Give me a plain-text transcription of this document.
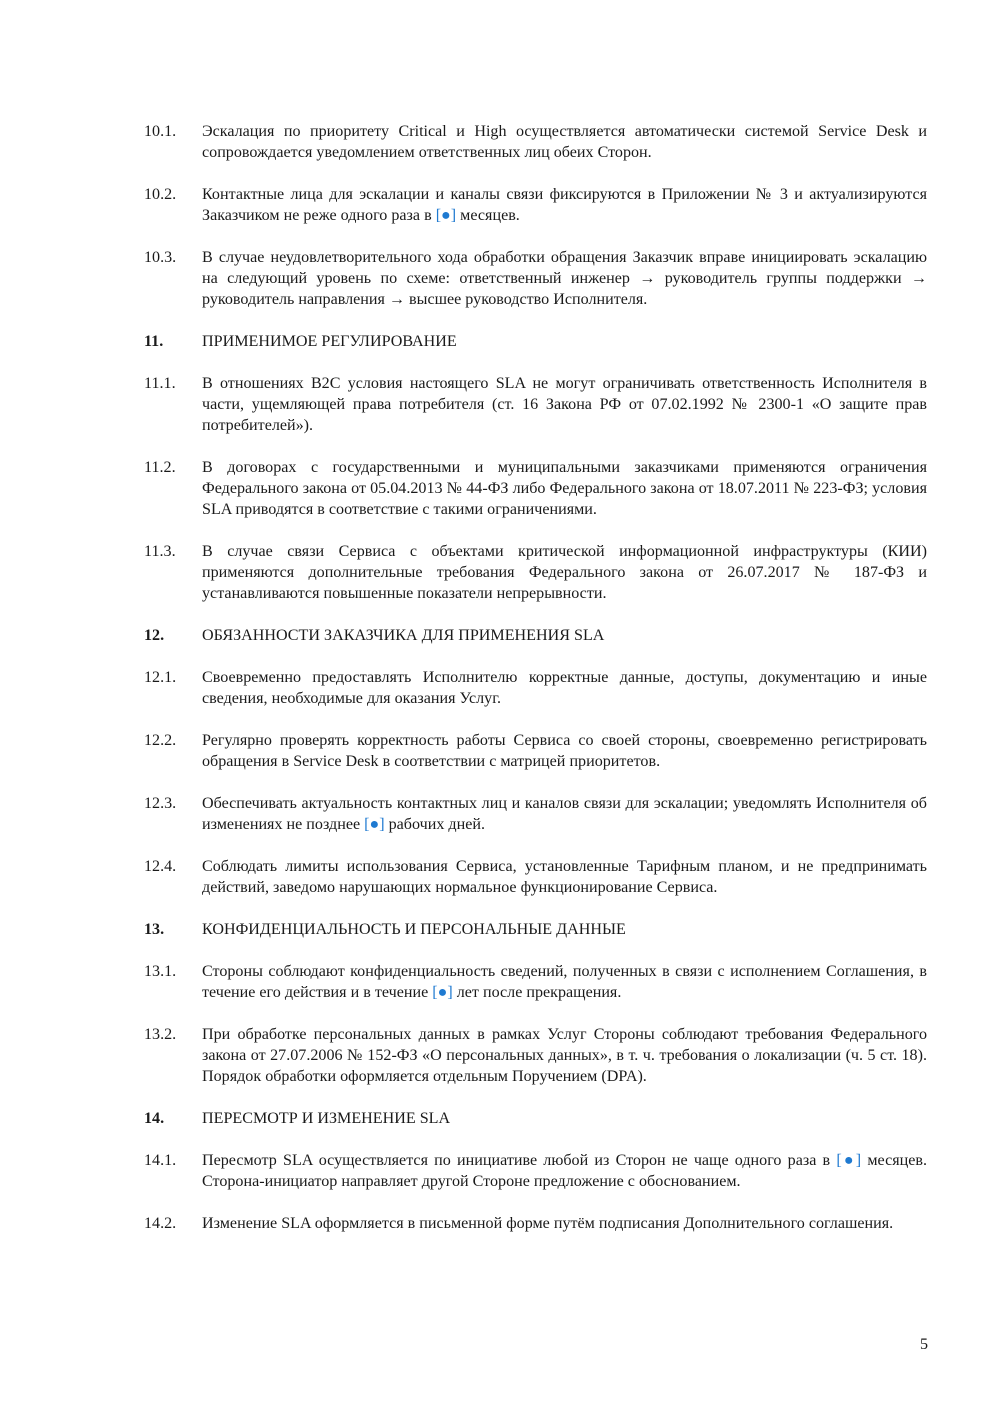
10.1.	Эскалация по приоритету Critical и High осуществляется автоматически системой Service Desk и сопровождается уведомлением ответственных лиц обеих Сторон.
10.2.	Контактные лица для эскалации и каналы связи фиксируются в Приложении № 3 и актуализируются Заказчиком не реже одного раза в [●] месяцев.
10.3.	В случае неудовлетворительного хода обработки обращения Заказчик вправе инициировать эскалацию на следующий уровень по схеме: ответственный инженер → руководитель группы поддержки → руководитель направления → высшее руководство Исполнителя.
11.	ПРИМЕНИМОЕ РЕГУЛИРОВАНИЕ
11.1.	В отношениях B2C условия настоящего SLA не могут ограничивать ответственность Исполнителя в части, ущемляющей права потребителя (ст. 16 Закона РФ от 07.02.1992 № 2300-1 «О защите прав потребителей»).
11.2.	В договорах с государственными и муниципальными заказчиками применяются ограничения Федерального закона от 05.04.2013 № 44-ФЗ либо Федерального закона от 18.07.2011 № 223-ФЗ; условия SLA приводятся в соответствие с такими ограничениями.
11.3.	В случае связи Сервиса с объектами критической информационной инфраструктуры (КИИ) применяются дополнительные требования Федерального закона от 26.07.2017 № 187-ФЗ и устанавливаются повышенные показатели непрерывности.
12.	ОБЯЗАННОСТИ ЗАКАЗЧИКА ДЛЯ ПРИМЕНЕНИЯ SLA
12.1.	Своевременно предоставлять Исполнителю корректные данные, доступы, документацию и иные сведения, необходимые для оказания Услуг.
12.2.	Регулярно проверять корректность работы Сервиса со своей стороны, своевременно регистрировать обращения в Service Desk в соответствии с матрицей приоритетов.
12.3.	Обеспечивать актуальность контактных лиц и каналов связи для эскалации; уведомлять Исполнителя об изменениях не позднее [●] рабочих дней.
12.4.	Соблюдать лимиты использования Сервиса, установленные Тарифным планом, и не предпринимать действий, заведомо нарушающих нормальное функционирование Сервиса.
13.	КОНФИДЕНЦИАЛЬНОСТЬ И ПЕРСОНАЛЬНЫЕ ДАННЫЕ
13.1.	Стороны соблюдают конфиденциальность сведений, полученных в связи с исполнением Соглашения, в течение его действия и в течение [●] лет после прекращения.
13.2.	При обработке персональных данных в рамках Услуг Стороны соблюдают требования Федерального закона от 27.07.2006 № 152-ФЗ «О персональных данных», в т. ч. требования о локализации (ч. 5 ст. 18). Порядок обработки оформляется отдельным Поручением (DPA).
14.	ПЕРЕСМОТР И ИЗМЕНЕНИЕ SLA
14.1.	Пересмотр SLA осуществляется по инициативе любой из Сторон не чаще одного раза в [●] месяцев. Сторона-инициатор направляет другой Стороне предложение с обоснованием.
14.2.	Изменение SLA оформляется в письменной форме путём подписания Дополнительного соглашения.
5
